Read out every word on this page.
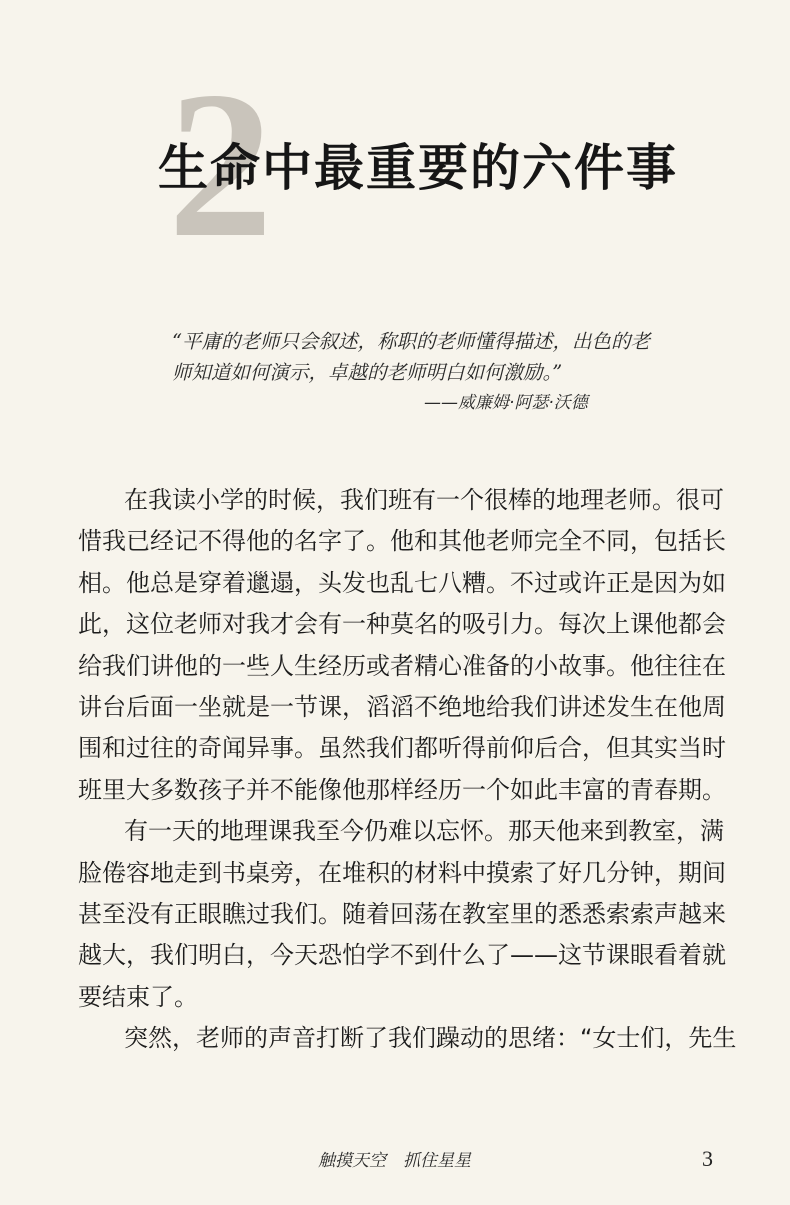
2
生命中最重要的六件事
“平庸的老师只会叙述，称职的老师懂得描述，出色的老
师知道如何演示，卓越的老师明白如何激励。”
——威廉姆·阿瑟·沃德
在我读小学的时候，我们班有一个很棒的地理老师。很可
惜我已经记不得他的名字了。他和其他老师完全不同，包括长
相。他总是穿着邋遢，头发也乱七八糟。不过或许正是因为如
此，这位老师对我才会有一种莫名的吸引力。每次上课他都会
给我们讲他的一些人生经历或者精心准备的小故事。他往往在
讲台后面一坐就是一节课，滔滔不绝地给我们讲述发生在他周
围和过往的奇闻异事。虽然我们都听得前仰后合，但其实当时
班里大多数孩子并不能像他那样经历一个如此丰富的青春期。
有一天的地理课我至今仍难以忘怀。那天他来到教室，满
脸倦容地走到书桌旁，在堆积的材料中摸索了好几分钟，期间
甚至没有正眼瞧过我们。随着回荡在教室里的悉悉索索声越来
越大，我们明白，今天恐怕学不到什么了——这节课眼看着就
要结束了。
突然，老师的声音打断了我们躁动的思绪：“女士们，先生
触摸天空　抓住星星	3
